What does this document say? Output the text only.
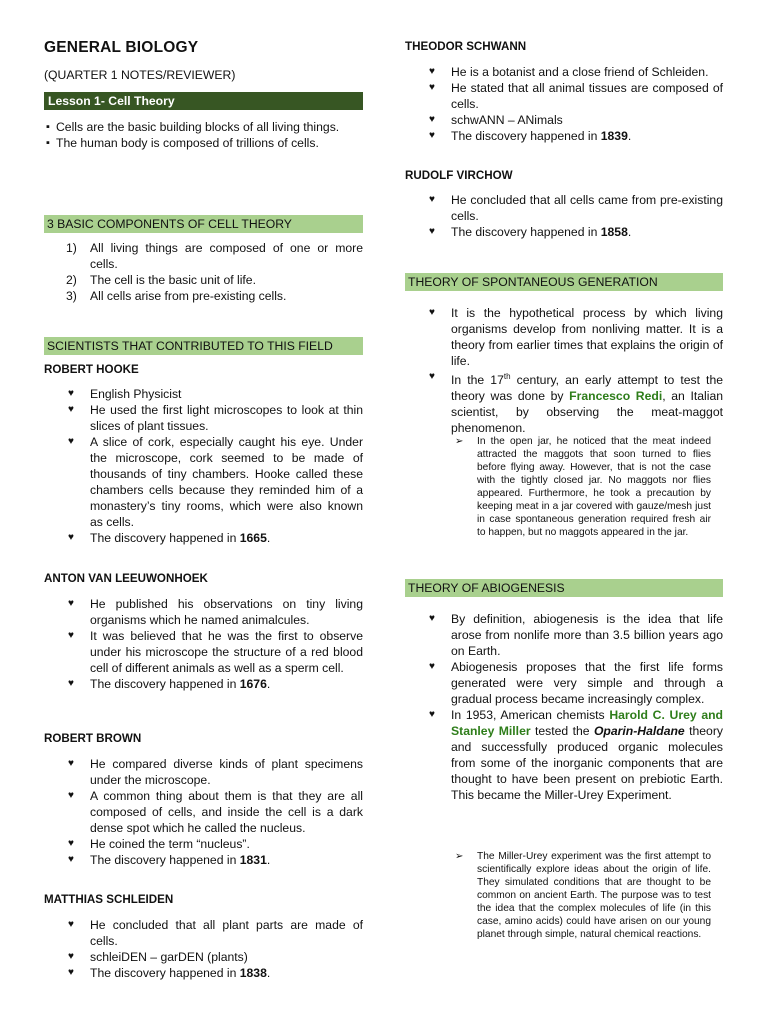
GENERAL BIOLOGY
(QUARTER 1 NOTES/REVIEWER)
Lesson 1- Cell Theory
▪ Cells are the basic building blocks of all living things.
▪ The human body is composed of trillions of cells.
3 BASIC COMPONENTS OF CELL THEORY
1) All living things are composed of one or more cells.
2) The cell is the basic unit of life.
3) All cells arise from pre-existing cells.
SCIENTISTS THAT CONTRIBUTED TO THIS FIELD
ROBERT HOOKE
♥ English Physicist
♥ He used the first light microscopes to look at thin slices of plant tissues.
♥ A slice of cork, especially caught his eye. Under the microscope, cork seemed to be made of thousands of tiny chambers. Hooke called these chambers cells because they reminded him of a monastery’s tiny rooms, which were also known as cells.
♥ The discovery happened in 1665.
ANTON VAN LEEUWONHOEK
♥ He published his observations on tiny living organisms which he named animalcules.
♥ It was believed that he was the first to observe under his microscope the structure of a red blood cell of different animals as well as a sperm cell.
♥ The discovery happened in 1676.
ROBERT BROWN
♥ He compared diverse kinds of plant specimens under the microscope.
♥ A common thing about them is that they are all composed of cells, and inside the cell is a dark dense spot which he called the nucleus.
♥ He coined the term “nucleus”.
♥ The discovery happened in 1831.
MATTHIAS SCHLEIDEN
♥ He concluded that all plant parts are made of cells.
♥ schleiDEN – garDEN (plants)
♥ The discovery happened in 1838.
THEODOR SCHWANN
♥ He is a botanist and a close friend of Schleiden.
♥ He stated that all animal tissues are composed of cells.
♥ schwANN – ANimals
♥ The discovery happened in 1839.
RUDOLF VIRCHOW
♥ He concluded that all cells came from pre-existing cells.
♥ The discovery happened in 1858.
THEORY OF SPONTANEOUS GENERATION
♥ It is the hypothetical process by which living organisms develop from nonliving matter. It is a theory from earlier times that explains the origin of life.
♥ In the 17th century, an early attempt to test the theory was done by Francesco Redi, an Italian scientist, by observing the meat-maggot phenomenon.
➢ In the open jar, he noticed that the meat indeed attracted the maggots that soon turned to flies before flying away. However, that is not the case with the tightly closed jar. No maggots nor flies appeared. Furthermore, he took a precaution by keeping meat in a jar covered with gauze/mesh just in case spontaneous generation required fresh air to happen, but no maggots appeared in the jar.
THEORY OF ABIOGENESIS
♥ By definition, abiogenesis is the idea that life arose from nonlife more than 3.5 billion years ago on Earth.
♥ Abiogenesis proposes that the first life forms generated were very simple and through a gradual process became increasingly complex.
♥ In 1953, American chemists Harold C. Urey and Stanley Miller tested the Oparin-Haldane theory and successfully produced organic molecules from some of the inorganic components that are thought to have been present on prebiotic Earth. This became the Miller-Urey Experiment.
➢ The Miller-Urey experiment was the first attempt to scientifically explore ideas about the origin of life. They simulated conditions that are thought to be common on ancient Earth. The purpose was to test the idea that the complex molecules of life (in this case, amino acids) could have arisen on our young planet through simple, natural chemical reactions.
